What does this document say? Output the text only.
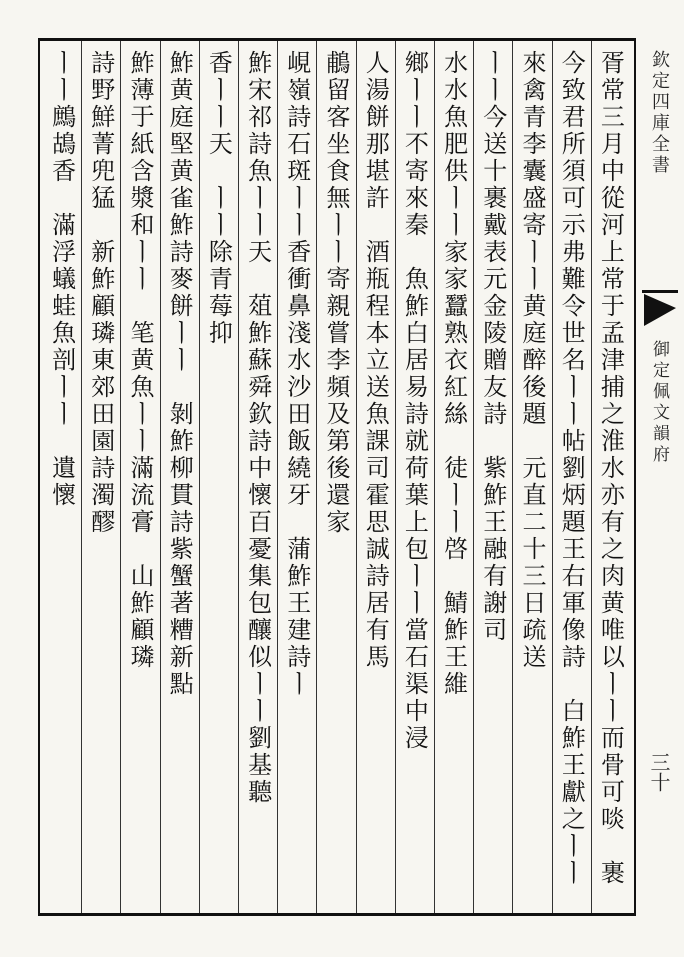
欽定四庫全書
御定佩文韻府
三十
胥常三月中從河上常于孟津捕之淮水亦有之肉黄唯以ㅣㅣ而骨可啖　裹
今致君所須可示弗難令世名ㅣㅣ帖劉炳題王右軍像詩　白鮓王獻之ㅣㅣ
來禽青李囊盛寄ㅣㅣ黄庭醉後題　元直二十三日疏送
ㅣㅣ今送十裹戴表元金陵贈友詩　紫鮓王融有謝司
水水魚肥供ㅣㅣ家家蠶熟衣紅絲　徒ㅣㅣ啓　鯖鮓王維
鄉ㅣㅣ不寄來秦　魚鮓白居易詩就荷葉上包ㅣㅣ當石渠中浸
人湯餅那堪許　酒瓶程本立送魚課司霍思誠詩居有馬
鵏留客坐食無ㅣㅣ寄親嘗李頻及第後還家
峴嶺詩石斑ㅣㅣ香衝鼻淺水沙田飯繞牙　蒲鮓王建詩ㅣ
鮓宋祁詩魚ㅣㅣ天　葅鮓蘇舜欽詩中懷百憂集包釀似ㅣㅣ劉基聽
香ㅣㅣ天　ㅣㅣ除青莓抑
鮓黄庭堅黄雀鮓詩麥餅ㅣㅣ　剝鮓柳貫詩紫蟹著糟新點
鮓薄于紙含漿和ㅣㅣ　笔黄魚ㅣㅣ滿流膏　山鮓顧璘
詩野鮮菁兜猛　新鮓顧璘東郊田園詩濁醪
ㅣㅣ鷓鴣香　滿浮蟻蛙魚剖ㅣㅣ　遺懷
